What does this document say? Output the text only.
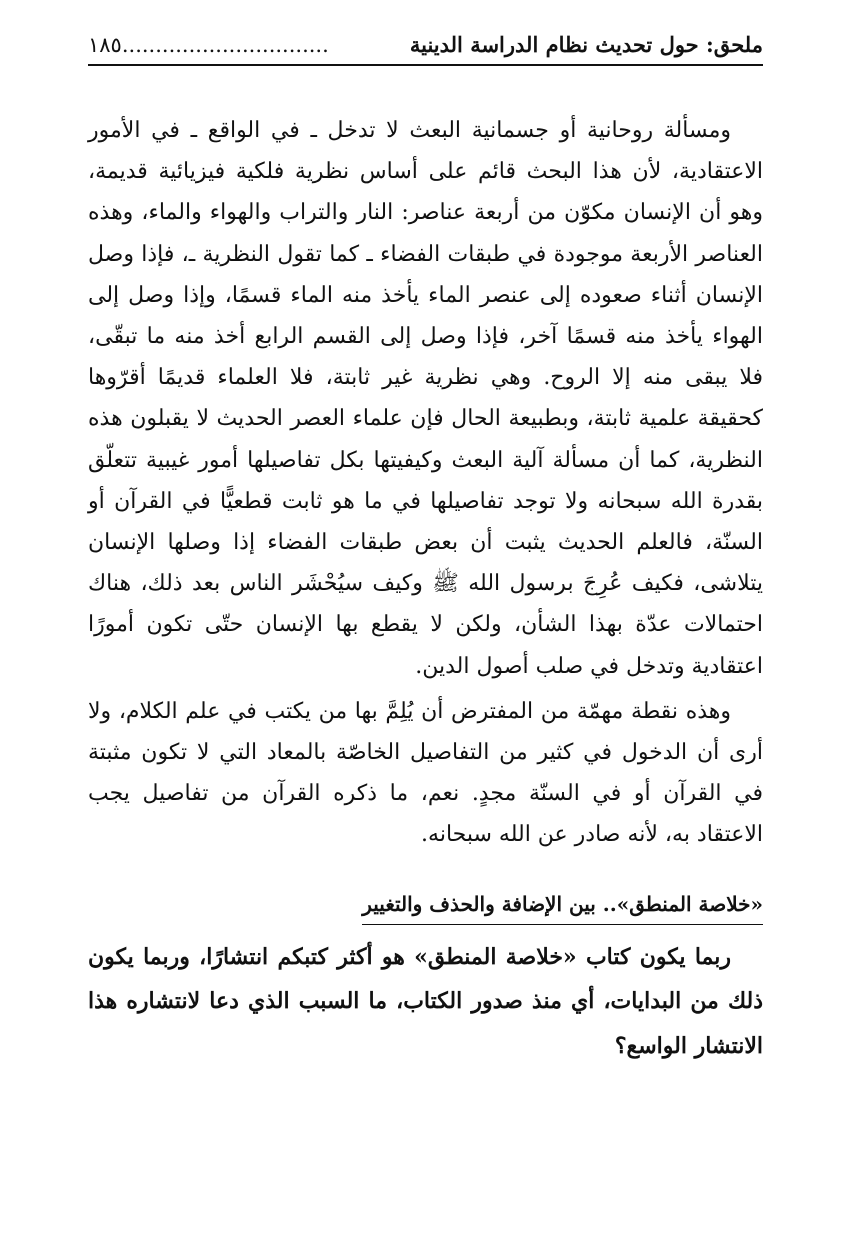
ملحق: حول تحديث نظام الدراسة الدينية
١٨٥...............................

ومسألة روحانية أو جسمانية البعث لا تدخل ـ في الواقع ـ في الأمور الاعتقادية، لأن هذا البحث قائم على أساس نظرية فلكية فيزيائية قديمة، وهو أن الإنسان مكوّن من أربعة عناصر: النار والتراب والهواء والماء، وهذه العناصر الأربعة موجودة في طبقات الفضاء ـ كما تقول النظرية ـ، فإذا وصل الإنسان أثناء صعوده إلى عنصر الماء يأخذ منه الماء قسمًا، وإذا وصل إلى الهواء يأخذ منه قسمًا آخر، فإذا وصل إلى القسم الرابع أخذ منه ما تبقّى، فلا يبقى منه إلا الروح. وهي نظرية غير ثابتة، فلا العلماء قديمًا أقرّوها كحقيقة علمية ثابتة، وبطبيعة الحال فإن علماء العصر الحديث لا يقبلون هذه النظرية، كما أن مسألة آلية البعث وكيفيتها بكل تفاصيلها أمور غيبية تتعلّق بقدرة الله سبحانه ولا توجد تفاصيلها في ما هو ثابت قطعيًّا في القرآن أو السنّة، فالعلم الحديث يثبت أن بعض طبقات الفضاء إذا وصلها الإنسان يتلاشى، فكيف عُرِجَ برسول الله ﷺ وكيف سيُحْشَر الناس بعد ذلك، هناك احتمالات عدّة بهذا الشأن، ولكن لا يقطع بها الإنسان حتّى تكون أمورًا اعتقادية وتدخل في صلب أصول الدين.

وهذه نقطة مهمّة من المفترض أن يُلِمَّ بها من يكتب في علم الكلام، ولا أرى أن الدخول في كثير من التفاصيل الخاصّة بالمعاد التي لا تكون مثبتة في القرآن أو في السنّة مجدٍ. نعم، ما ذكره القرآن من تفاصيل يجب الاعتقاد به، لأنه صادر عن الله سبحانه.

«خلاصة المنطق».. بين الإضافة والحذف والتغيير

ربما يكون كتاب «خلاصة المنطق» هو أكثر كتبكم انتشارًا، وربما يكون ذلك من البدايات، أي منذ صدور الكتاب، ما السبب الذي دعا لانتشاره هذا الانتشار الواسع؟
